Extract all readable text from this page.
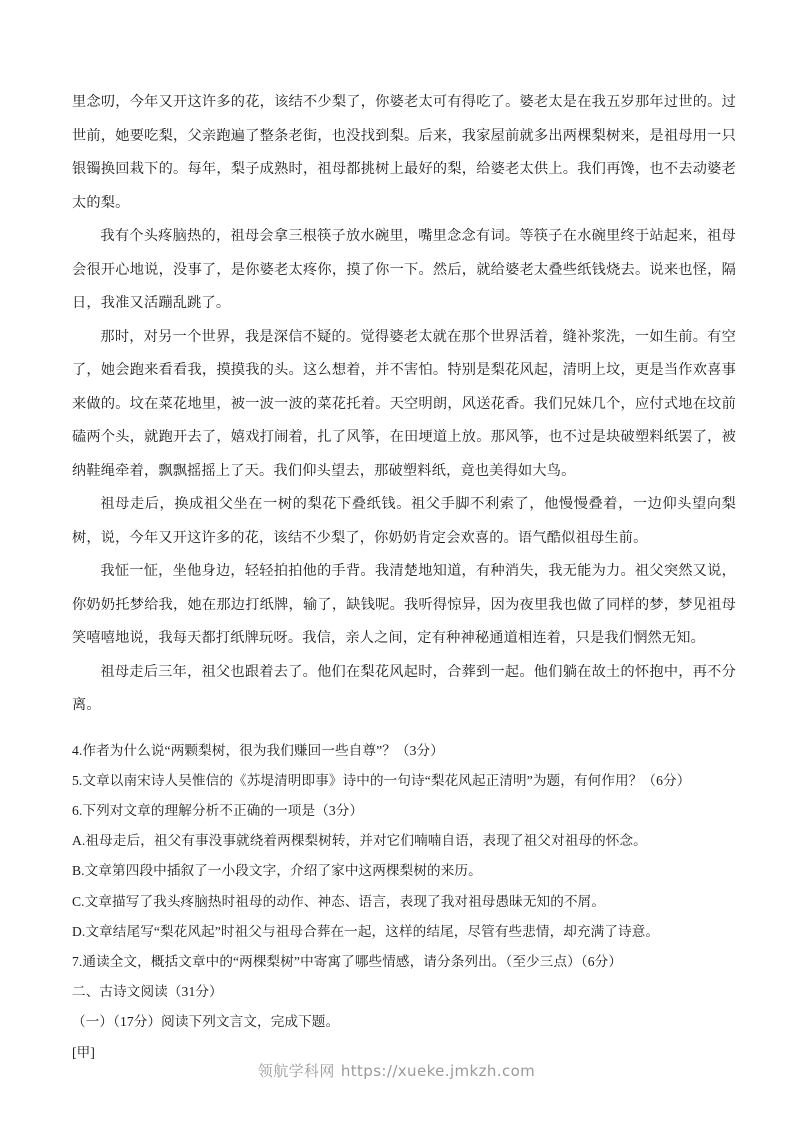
里念叨，今年又开这许多的花，该结不少梨了，你婆老太可有得吃了。婆老太是在我五岁那年过世的。过世前，她要吃梨，父亲跑遍了整条老街，也没找到梨。后来，我家屋前就多出两棵梨树来，是祖母用一只银镯换回栽下的。每年，梨子成熟时，祖母都挑树上最好的梨，给婆老太供上。我们再馋，也不去动婆老太的梨。

我有个头疼脑热的，祖母会拿三根筷子放水碗里，嘴里念念有词。等筷子在水碗里终于站起来，祖母会很开心地说，没事了，是你婆老太疼你，摸了你一下。然后，就给婆老太叠些纸钱烧去。说来也怪，隔日，我准又活蹦乱跳了。

那时，对另一个世界，我是深信不疑的。觉得婆老太就在那个世界活着，缝补浆洗，一如生前。有空了，她会跑来看看我，摸摸我的头。这么想着，并不害怕。特别是梨花风起，清明上坟，更是当作欢喜事来做的。坟在菜花地里，被一波一波的菜花托着。天空明朗，风送花香。我们兄妹几个，应付式地在坟前磕两个头，就跑开去了，嬉戏打闹着，扎了风筝，在田埂道上放。那风筝，也不过是块破塑料纸罢了，被纳鞋绳牵着，飘飘摇摇上了天。我们仰头望去，那破塑料纸，竟也美得如大鸟。

祖母走后，换成祖父坐在一树的梨花下叠纸钱。祖父手脚不利索了，他慢慢叠着，一边仰头望向梨树，说，今年又开这许多的花，该结不少梨了，你奶奶肯定会欢喜的。语气酷似祖母生前。

我怔一怔，坐他身边，轻轻拍拍他的手背。我清楚地知道，有种消失，我无能为力。祖父突然又说，你奶奶托梦给我，她在那边打纸牌，输了，缺钱呢。我听得惊异，因为夜里我也做了同样的梦，梦见祖母笑嘻嘻地说，我每天都打纸牌玩呀。我信，亲人之间，定有种神秘通道相连着，只是我们惘然无知。

祖母走后三年，祖父也跟着去了。他们在梨花风起时，合葬到一起。他们躺在故土的怀抱中，再不分离。

4.作者为什么说“两颗梨树，很为我们赚回一些自尊”？（3分）

5.文章以南宋诗人吴惟信的《苏堤清明即事》诗中的一句诗“梨花风起正清明”为题，有何作用？（6分）

6.下列对文章的理解分析不正确的一项是（3分）

A.祖母走后，祖父有事没事就绕着两棵梨树转，并对它们喃喃自语，表现了祖父对祖母的怀念。

B.文章第四段中插叙了一小段文字，介绍了家中这两棵梨树的来历。

C.文章描写了我头疼脑热时祖母的动作、神态、语言，表现了我对祖母愚昧无知的不屑。

D.文章结尾写“梨花风起”时祖父与祖母合葬在一起，这样的结尾，尽管有些悲情，却充满了诗意。

7.通读全文，概括文章中的“两棵梨树”中寄寓了哪些情感，请分条列出。（至少三点）（6分）

二、古诗文阅读（31分）

（一）（17分）阅读下列文言文，完成下题。

[甲]

领航学科网 https://xueke.jmkzh.com
